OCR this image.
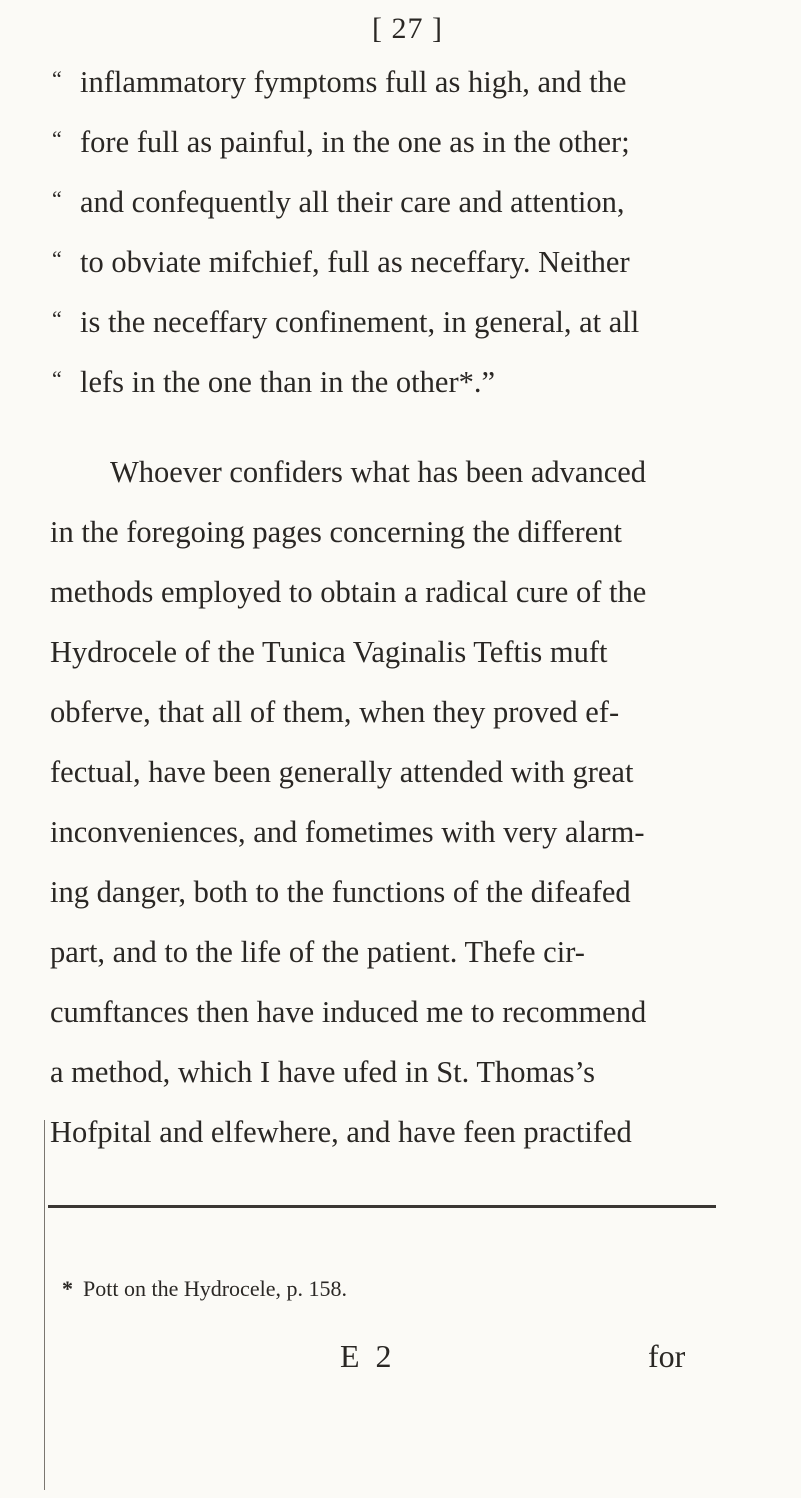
[ 27 ]
“ inflammatory fymptoms full as high, and the
“ fore full as painful, in the one as in the other;
“ and confequently all their care and attention,
“ to obviate mifchief, full as neceffary. Neither
“ is the neceffary confinement, in general, at all
“ lefs in the one than in the other*.”
Whoever confiders what has been advanced
in the foregoing pages concerning the different
methods employed to obtain a radical cure of the
Hydrocele of the Tunica Vaginalis Teftis muft
obferve, that all of them, when they proved ef-
fectual, have been generally attended with great
inconveniences, and fometimes with very alarm-
ing danger, both to the functions of the difeafed
part, and to the life of the patient. Thefe cir-
cumftances then have induced me to recommend
a method, which I have ufed in St. Thomas’s
Hofpital and elfewhere, and have feen practifed
* Pott on the Hydrocele, p. 158.
E 2	for
